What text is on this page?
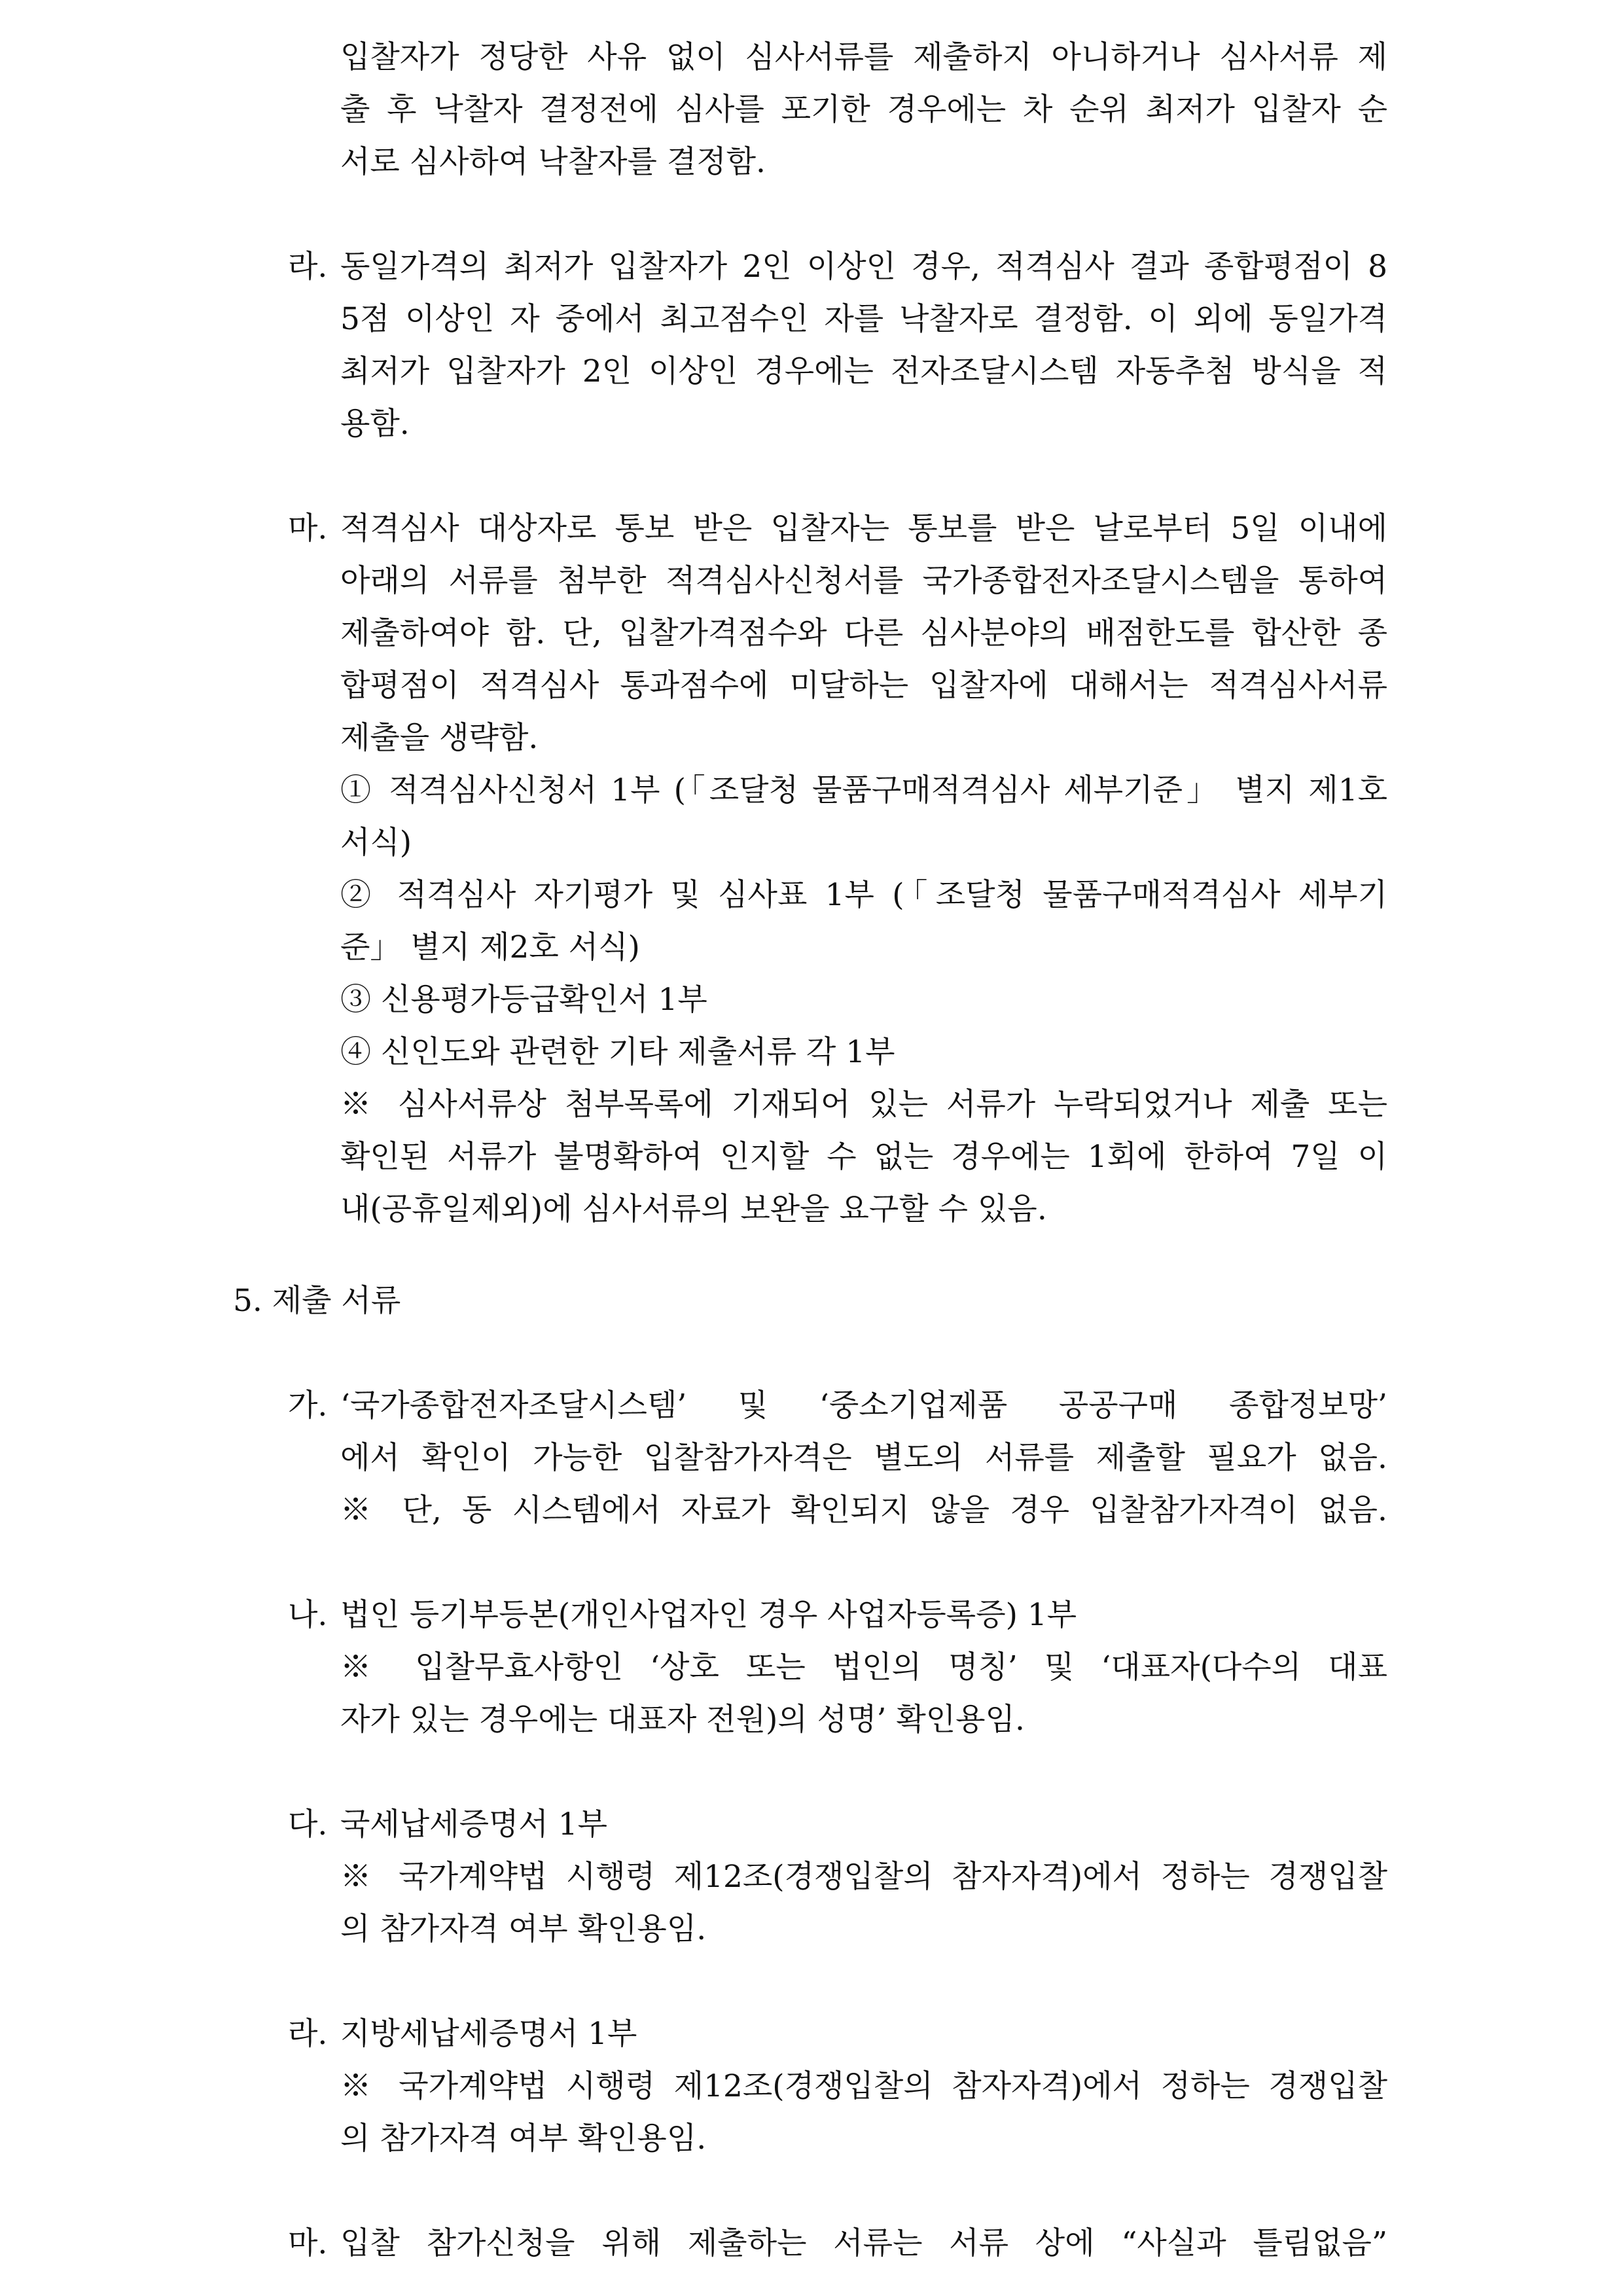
입찰자가 정당한 사유 없이 심사서류를 제출하지 아니하거나 심사서류 제
출 후 낙찰자 결정전에 심사를 포기한 경우에는 차 순위 최저가 입찰자 순
서로 심사하여 낙찰자를 결정함.
라. 동일가격의 최저가 입찰자가 2인 이상인 경우, 적격심사 결과 종합평점이 8
5점 이상인 자 중에서 최고점수인 자를 낙찰자로 결정함. 이 외에 동일가격
최저가 입찰자가 2인 이상인 경우에는 전자조달시스템 자동추첨 방식을 적
용함.
마. 적격심사 대상자로 통보 받은 입찰자는 통보를 받은 날로부터 5일 이내에
아래의 서류를 첨부한 적격심사신청서를 국가종합전자조달시스템을 통하여
제출하여야 함. 단, 입찰가격점수와 다른 심사분야의 배점한도를 합산한 종
합평점이 적격심사 통과점수에 미달하는 입찰자에 대해서는 적격심사서류
제출을 생략함.
① 적격심사신청서 1부 (「조달청 물품구매적격심사 세부기준」 별지 제1호
서식)
② 적격심사 자기평가 및 심사표 1부 (「조달청 물품구매적격심사 세부기
준」 별지 제2호 서식)
③ 신용평가등급확인서 1부
④ 신인도와 관련한 기타 제출서류 각 1부
※ 심사서류상 첨부목록에 기재되어 있는 서류가 누락되었거나 제출 또는
확인된 서류가 불명확하여 인지할 수 없는 경우에는 1회에 한하여 7일 이
내(공휴일제외)에 심사서류의 보완을 요구할 수 있음.
5. 제출 서류
가. ‘국가종합전자조달시스템’ 및 ‘중소기업제품 공공구매 종합정보망’
에서 확인이 가능한 입찰참가자격은 별도의 서류를 제출할 필요가 없음.
※ 단, 동 시스템에서 자료가 확인되지 않을 경우 입찰참가자격이 없음.
나. 법인 등기부등본(개인사업자인 경우 사업자등록증) 1부
※ 입찰무효사항인 ‘상호 또는 법인의 명칭’ 및 ‘대표자(다수의 대표
자가 있는 경우에는 대표자 전원)의 성명’ 확인용임.
다. 국세납세증명서 1부
※ 국가계약법 시행령 제12조(경쟁입찰의 참자자격)에서 정하는 경쟁입찰
의 참가자격 여부 확인용임.
라. 지방세납세증명서 1부
※ 국가계약법 시행령 제12조(경쟁입찰의 참자자격)에서 정하는 경쟁입찰
의 참가자격 여부 확인용임.
마. 입찰 참가신청을 위해 제출하는 서류는 서류 상에 “사실과 틀림없음”
